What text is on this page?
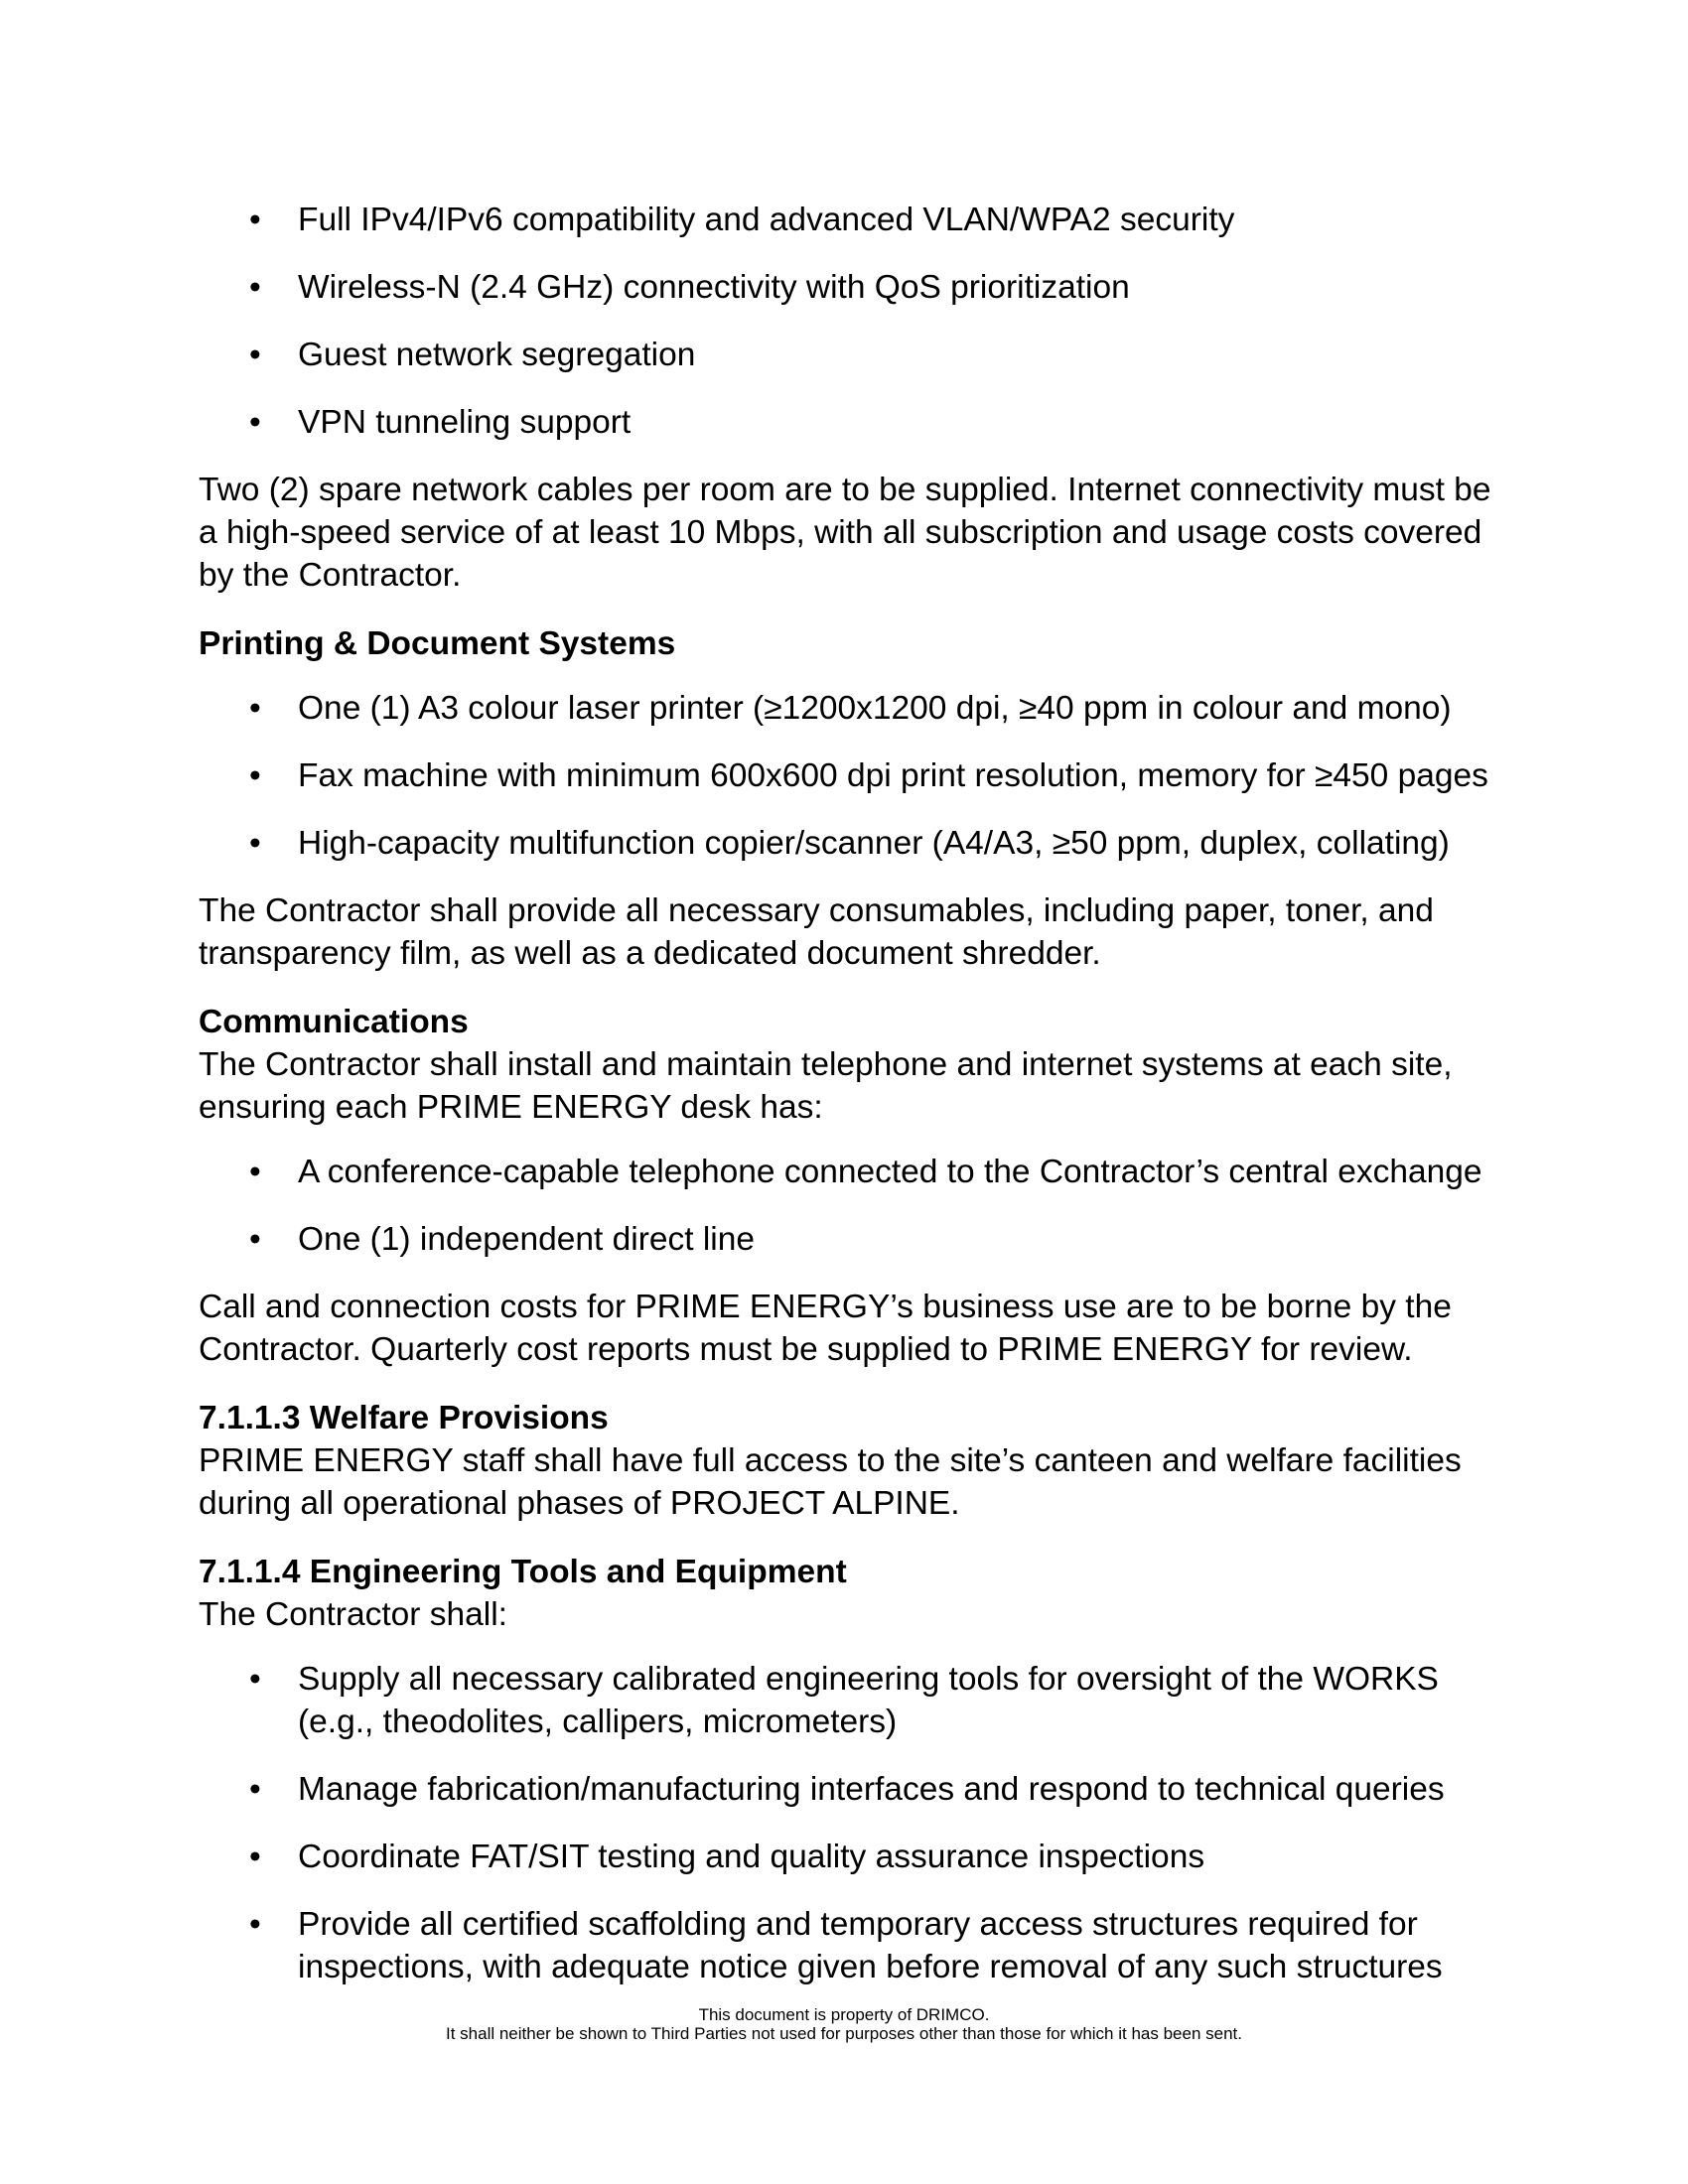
• Full IPv4/IPv6 compatibility and advanced VLAN/WPA2 security
• Wireless-N (2.4 GHz) connectivity with QoS prioritization
• Guest network segregation
• VPN tunneling support

Two (2) spare network cables per room are to be supplied. Internet connectivity must be a high-speed service of at least 10 Mbps, with all subscription and usage costs covered by the Contractor.

Printing & Document Systems
• One (1) A3 colour laser printer (≥1200x1200 dpi, ≥40 ppm in colour and mono)
• Fax machine with minimum 600x600 dpi print resolution, memory for ≥450 pages
• High-capacity multifunction copier/scanner (A4/A3, ≥50 ppm, duplex, collating)

The Contractor shall provide all necessary consumables, including paper, toner, and transparency film, as well as a dedicated document shredder.

Communications

The Contractor shall install and maintain telephone and internet systems at each site, ensuring each PRIME ENERGY desk has:

• A conference-capable telephone connected to the Contractor’s central exchange
• One (1) independent direct line

Call and connection costs for PRIME ENERGY’s business use are to be borne by the Contractor. Quarterly cost reports must be supplied to PRIME ENERGY for review.

7.1.1.3 Welfare Provisions

PRIME ENERGY staff shall have full access to the site’s canteen and welfare facilities during all operational phases of PROJECT ALPINE.

7.1.1.4 Engineering Tools and Equipment

The Contractor shall:

• Supply all necessary calibrated engineering tools for oversight of the WORKS (e.g., theodolites, callipers, micrometers)
• Manage fabrication/manufacturing interfaces and respond to technical queries
• Coordinate FAT/SIT testing and quality assurance inspections
• Provide all certified scaffolding and temporary access structures required for inspections, with adequate notice given before removal of any such structures
This document is property of DRIMCO.
It shall neither be shown to Third Parties not used for purposes other than those for which it has been sent.
